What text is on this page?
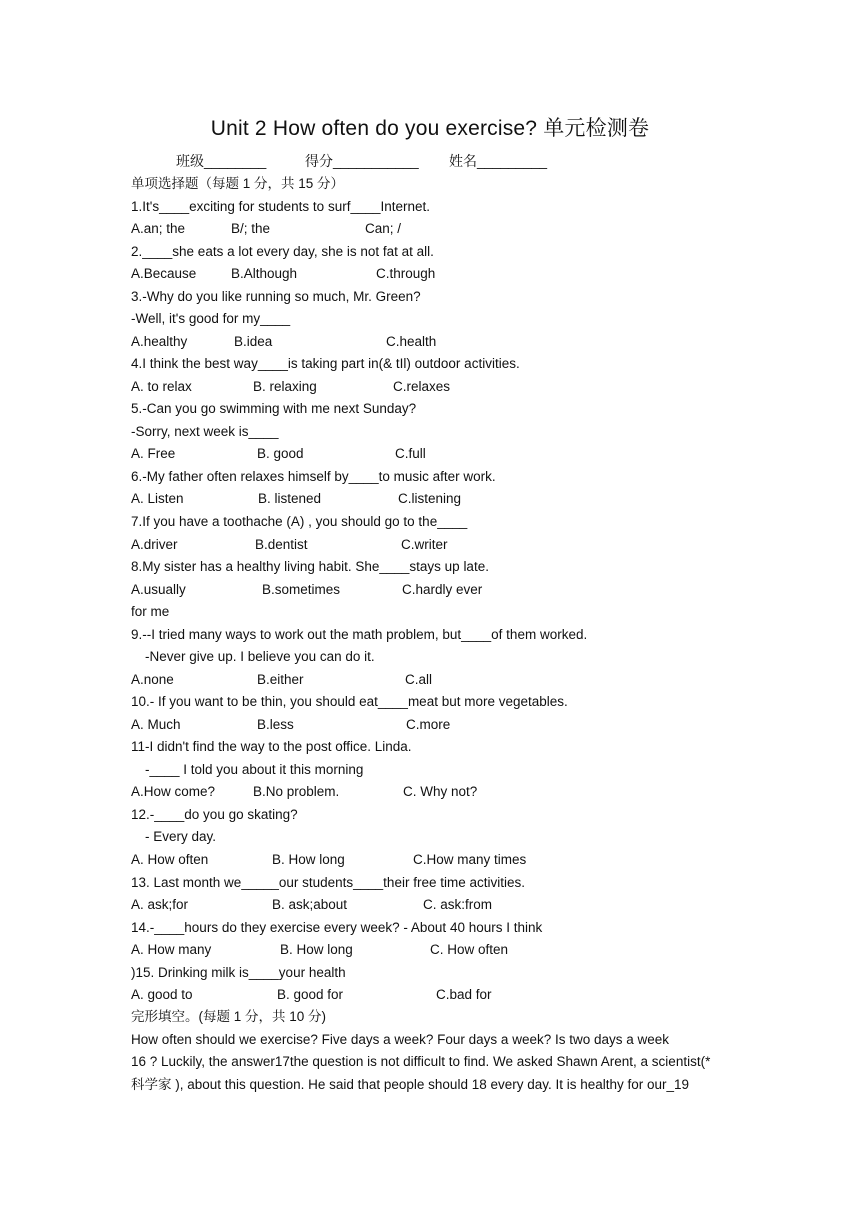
Unit 2 How often do you exercise? 单元检测卷
班级________	得分___________ 姓名_________
单项选择题（每题 1 分，共 15 分）
1.It's____exciting for students to surf____Internet.
A.an; the	B/; the	Can; /
2.____she eats a lot every day, she is not fat at all.
A.Because	B.Although	C.through
3.-Why do you like running so much, Mr. Green?
-Well, it's good for my____
A.healthy	B.idea	C.health
4.I think the best way____is taking part in(& tIl) outdoor activities.
A. to relax	B. relaxing	C.relaxes
5.-Can you go swimming with me next Sunday?
-Sorry, next week is____
A. Free	B. good	C.full
6.-My father often relaxes himself by____to music after work.
A. Listen	B. listened	C.listening
7.If you have a toothache (A) , you should go to the____
A.driver	B.dentist	C.writer
8.My sister has a healthy living habit. She____stays up late.
A.usually	B.sometimes	C.hardly ever
for me
9.--I tried many ways to work out the math problem, but____of them worked.
-Never give up. I believe you can do it.
A.none	B.either	C.all
10.- If you want to be thin, you should eat____meat but more vegetables.
A. Much	B.less	C.more
11-I didn't find the way to the post office. Linda.
-____ I told you about it this morning
A.How come?	B.No problem.	C. Why not?
12.-____do you go skating?
- Every day.
A. How often	B. How long	C.How many times
13. Last month we_____our students____their free time activities.
A. ask;for	B. ask;about	C. ask:from
14.-____hours do they exercise every week? - About 40 hours I think
A. How many	B. How long	C. How often
)15. Drinking milk is____your health
A. good to	B. good for	C.bad for
完形填空。(每题 1 分，共 10 分)
How often should we exercise? Five days a week? Four days a week? Is two days a week
16 ? Luckily, the answer17the question is not difficult to find. We asked Shawn Arent, a scientist(*
科学家 ), about this question. He said that people should 18 every day. It is healthy for our_19
